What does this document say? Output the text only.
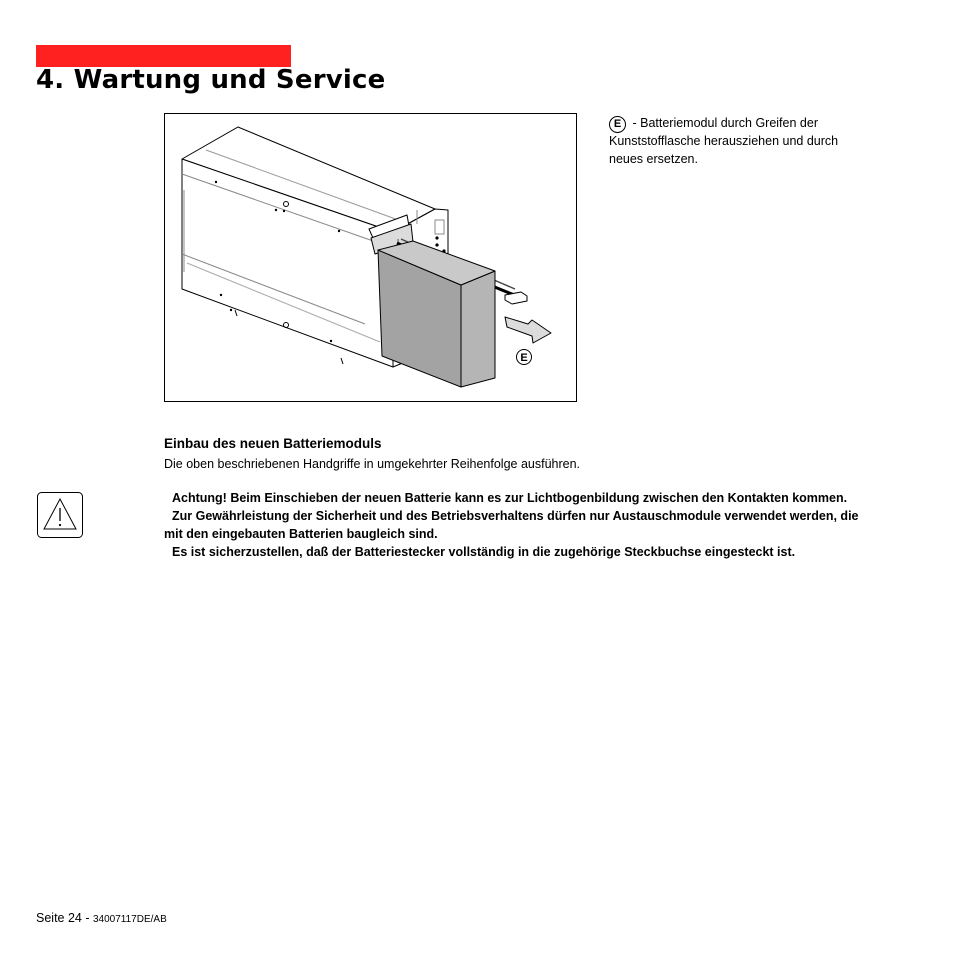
4. Wartung und Service
E
E - Batteriemodul durch Greifen der Kunststofflasche herausziehen und durch neues ersetzen.
Einbau des neuen Batteriemoduls

Die oben beschriebenen Handgriffe in umgekehrter Reihenfolge ausführen.

Achtung! Beim Einschieben der neuen Batterie kann es zur Lichtbogenbildung zwischen den Kontakten kommen.

Zur Gewährleistung der Sicherheit und des Betriebsverhaltens dürfen nur Austauschmodule verwendet werden, die mit den eingebauten Batterien baugleich sind.

Es ist sicherzustellen, daß der Batteriestecker vollständig in die zugehörige Steckbuchse eingesteckt ist.

Seite 24 - 34007117DE/AB
